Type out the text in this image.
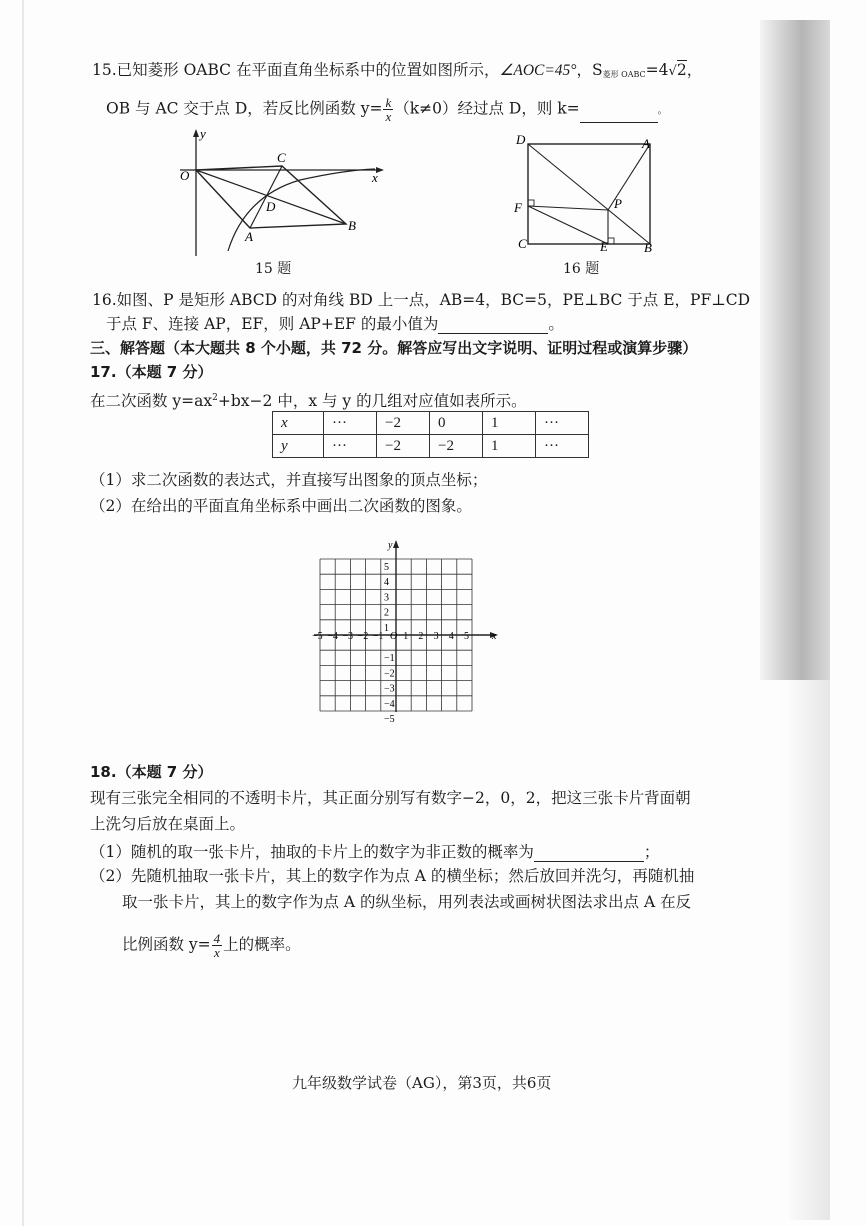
15.已知菱形 OABC 在平面直角坐标系中的位置如图所示，∠AOC=45°，$S_{菱形 OABC}=4√2$，
OB 与 AC 交于点 D，若反比例函数 $y= \frac{k}{x} (k\ne 0)$经过点 D，则 k=	。
y
x
O
C
D
A
B
15 题
D	A
F	P
C	E	B
16 题
16.如图、P 是矩形 ABCD 的对角线 BD 上一点，AB=4，BC=5，PE⊥BC 于点 E，PF⊥CD
于点 F、连接 AP，EF，则 AP+EF 的最小值为	。
三、解答题（本大题共 8 个小题，共 72 分。解答应写出文字说明、证明过程或演算步骤）
17.（本题 7 分）
在二次函数 $y=ax^2+bx-2$ 中，x 与 y 的几组对应值如表所示。
x	···	−2	0	1	···
y	···	−2	−2	1	···
（1）求二次函数的表达式，并直接写出图象的顶点坐标；
（2）在给出的平面直角坐标系中画出二次函数的图象。
−5 −4 −3 −2 −1 1 2 3 4 5
5
4
3
2
1
−1
−2
−3
−4
−5
x
y
O
18.（本题 7 分）
现有三张完全相同的不透明卡片，其正面分别写有数字−2，0，2，把这三张卡片背面朝
上洗匀后放在桌面上。
（1）随机的取一张卡片，抽取的卡片上的数字为非正数的概率为	；
（2）先随机抽取一张卡片，其上的数字作为点 A 的横坐标；然后放回并洗匀，再随机抽
取一张卡片，其上的数字作为点 A 的纵坐标，用列表法或画树状图法求出点 A 在反
比例函数 $y= \frac{4}{x}$ 上的概率。
九年级数学试卷（AG），第3页，共6页
